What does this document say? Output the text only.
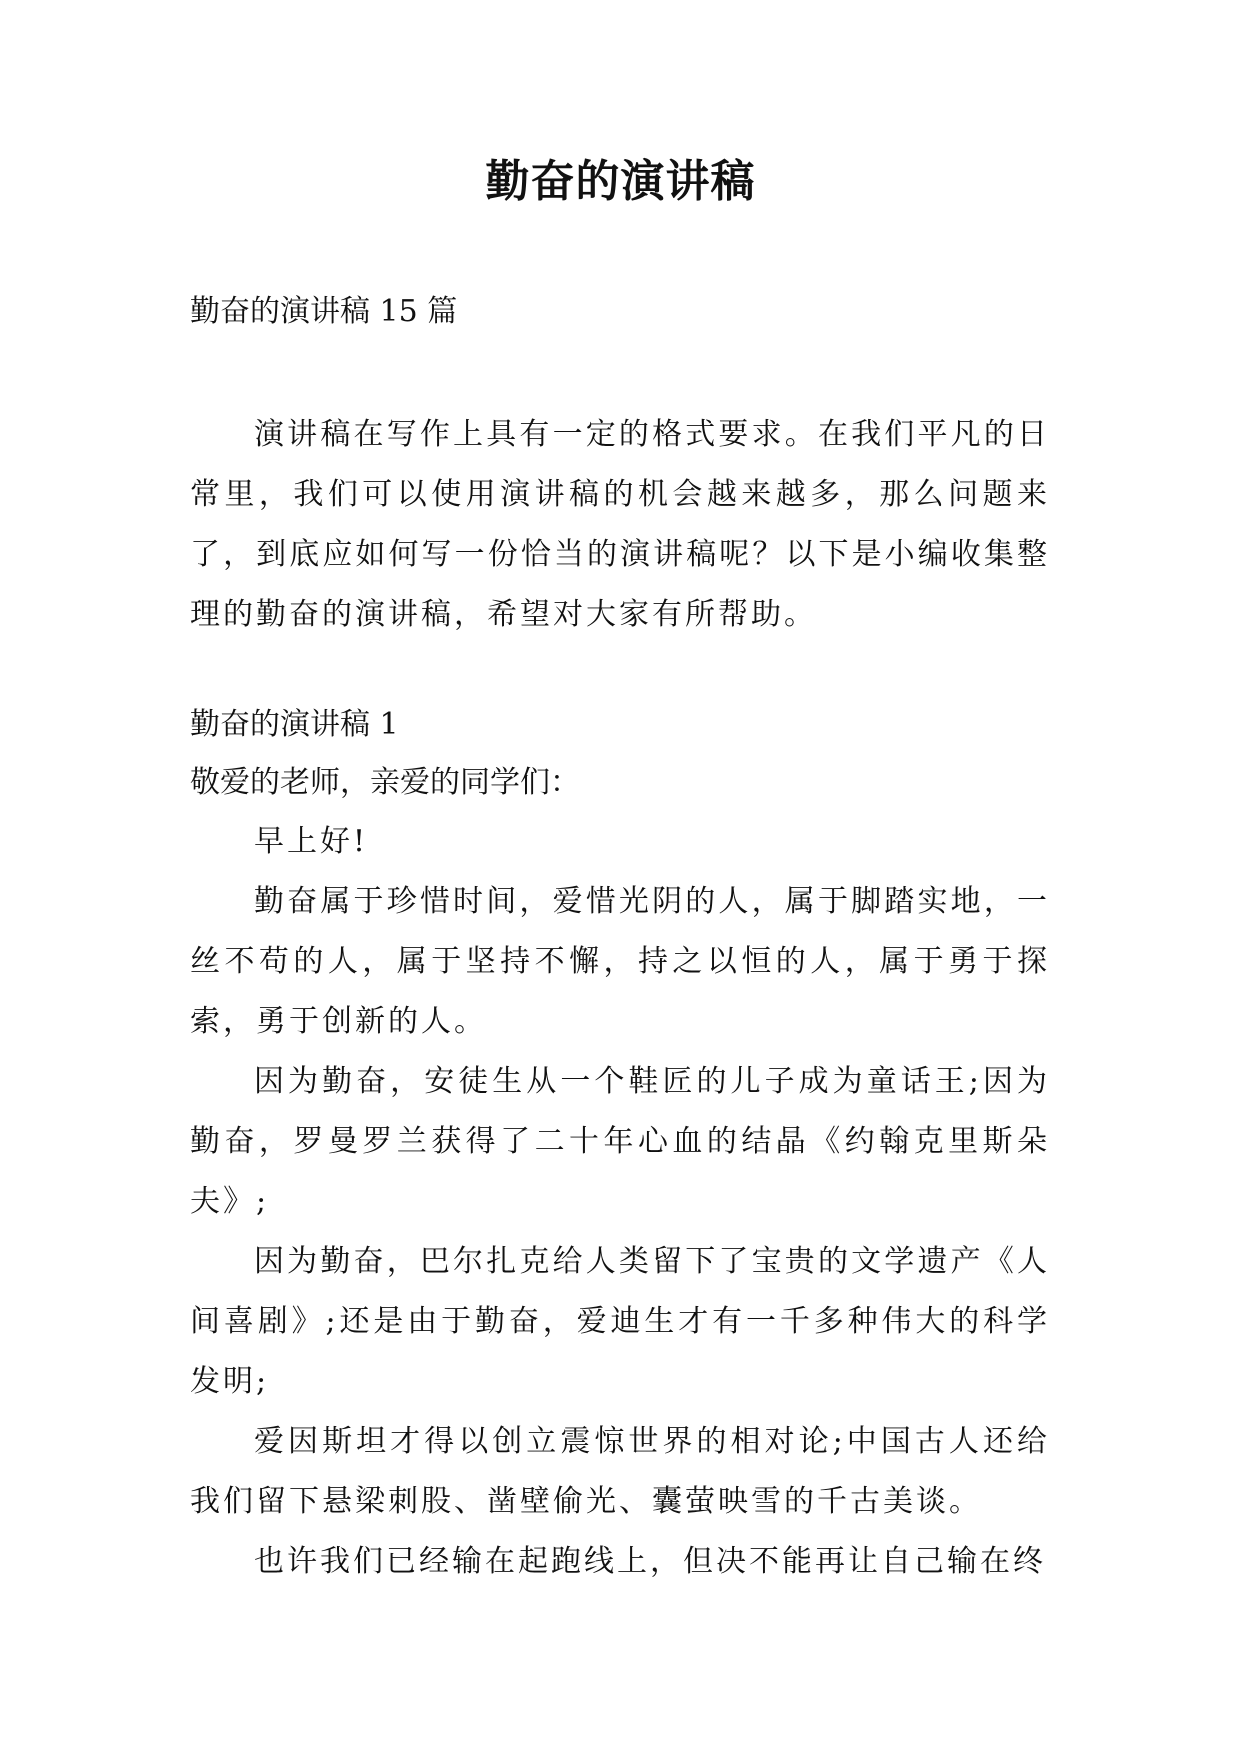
勤奋的演讲稿

勤奋的演讲稿 15 篇

演讲稿在写作上具有一定的格式要求。在我们平凡的日常里，我们可以使用演讲稿的机会越来越多，那么问题来了，到底应如何写一份恰当的演讲稿呢？以下是小编收集整理的勤奋的演讲稿，希望对大家有所帮助。

勤奋的演讲稿 1

敬爱的老师，亲爱的同学们：

早上好!

勤奋属于珍惜时间，爱惜光阴的人，属于脚踏实地，一丝不苟的人，属于坚持不懈，持之以恒的人，属于勇于探索，勇于创新的人。

因为勤奋，安徒生从一个鞋匠的儿子成为童话王;因为勤奋，罗曼罗兰获得了二十年心血的结晶《约翰克里斯朵夫》;

因为勤奋，巴尔扎克给人类留下了宝贵的文学遗产《人间喜剧》;还是由于勤奋，爱迪生才有一千多种伟大的科学发明;

爱因斯坦才得以创立震惊世界的相对论;中国古人还给我们留下悬梁刺股、凿壁偷光、囊萤映雪的千古美谈。

也许我们已经输在起跑线上，但决不能再让自己输在终
